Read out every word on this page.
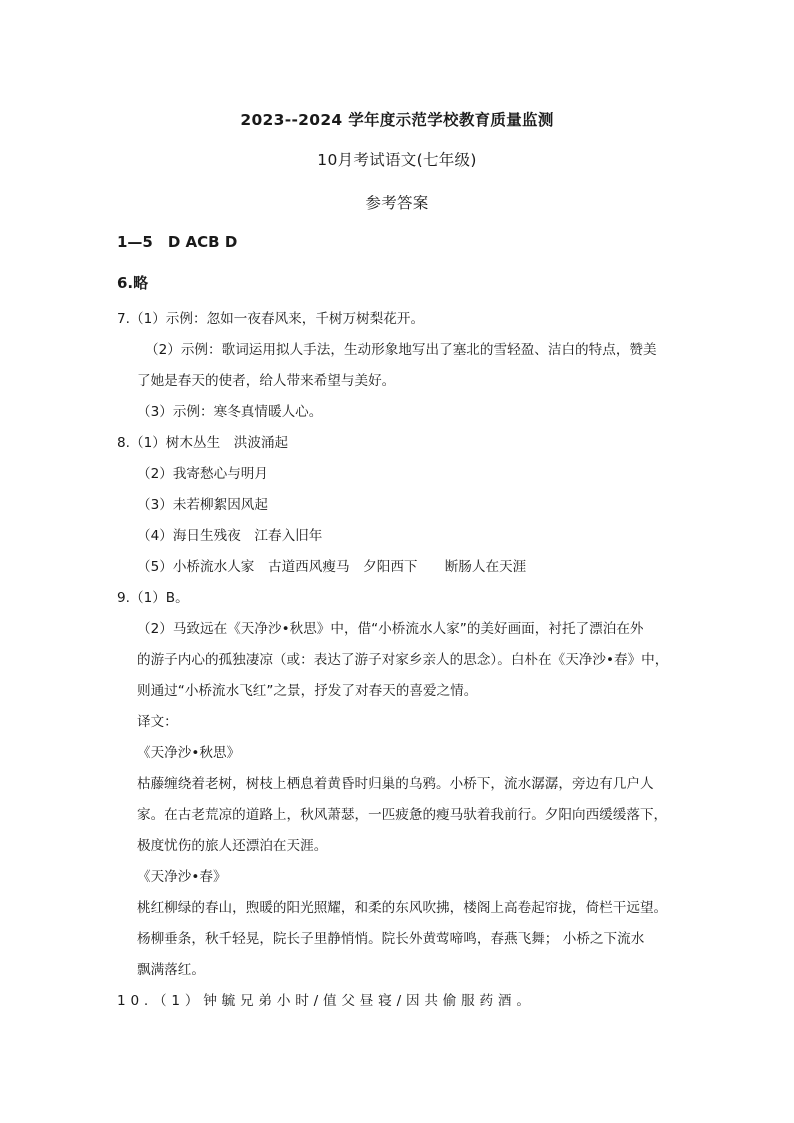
2023--2024 学年度示范学校教育质量监测
10月考试语文(七年级)
参考答案
1—5　D ACB D
6.略
7.（1）示例：忽如一夜春风来，千树万树梨花开。
（2）示例：歌词运用拟人手法，生动形象地写出了塞北的雪轻盈、洁白的特点，赞美
了她是春天的使者，给人带来希望与美好。
（3）示例：寒冬真情暖人心。
8.（1）树木丛生　洪波涌起
（2）我寄愁心与明月
（3）未若柳絮因风起
（4）海日生残夜　江春入旧年
（5）小桥流水人家　古道西风瘦马　夕阳西下　　断肠人在天涯
9.（1）B。
（2）马致远在《天净沙•秋思》中，借“小桥流水人家”的美好画面，衬托了漂泊在外
的游子内心的孤独凄凉（或：表达了游子对家乡亲人的思念）。白朴在《天净沙•春》中，
则通过“小桥流水飞红”之景，抒发了对春天的喜爱之情。
译文：
《天净沙•秋思》
枯藤缠绕着老树，树枝上栖息着黄昏时归巢的乌鸦。小桥下，流水潺潺，旁边有几户人
家。在古老荒凉的道路上，秋风萧瑟，一匹疲惫的瘦马驮着我前行。夕阳向西缓缓落下，
极度忧伤的旅人还漂泊在天涯。
《天净沙•春》
桃红柳绿的春山，煦暖的阳光照耀，和柔的东风吹拂，楼阁上高卷起帘拢，倚栏干远望。
杨柳垂条，秋千轻晃，院长子里静悄悄。院长外黄莺啼鸣，春燕飞舞； 小桥之下流水
飘满落红。
10.（1）钟毓兄弟小时/值父昼寝/因共偷服药酒。
